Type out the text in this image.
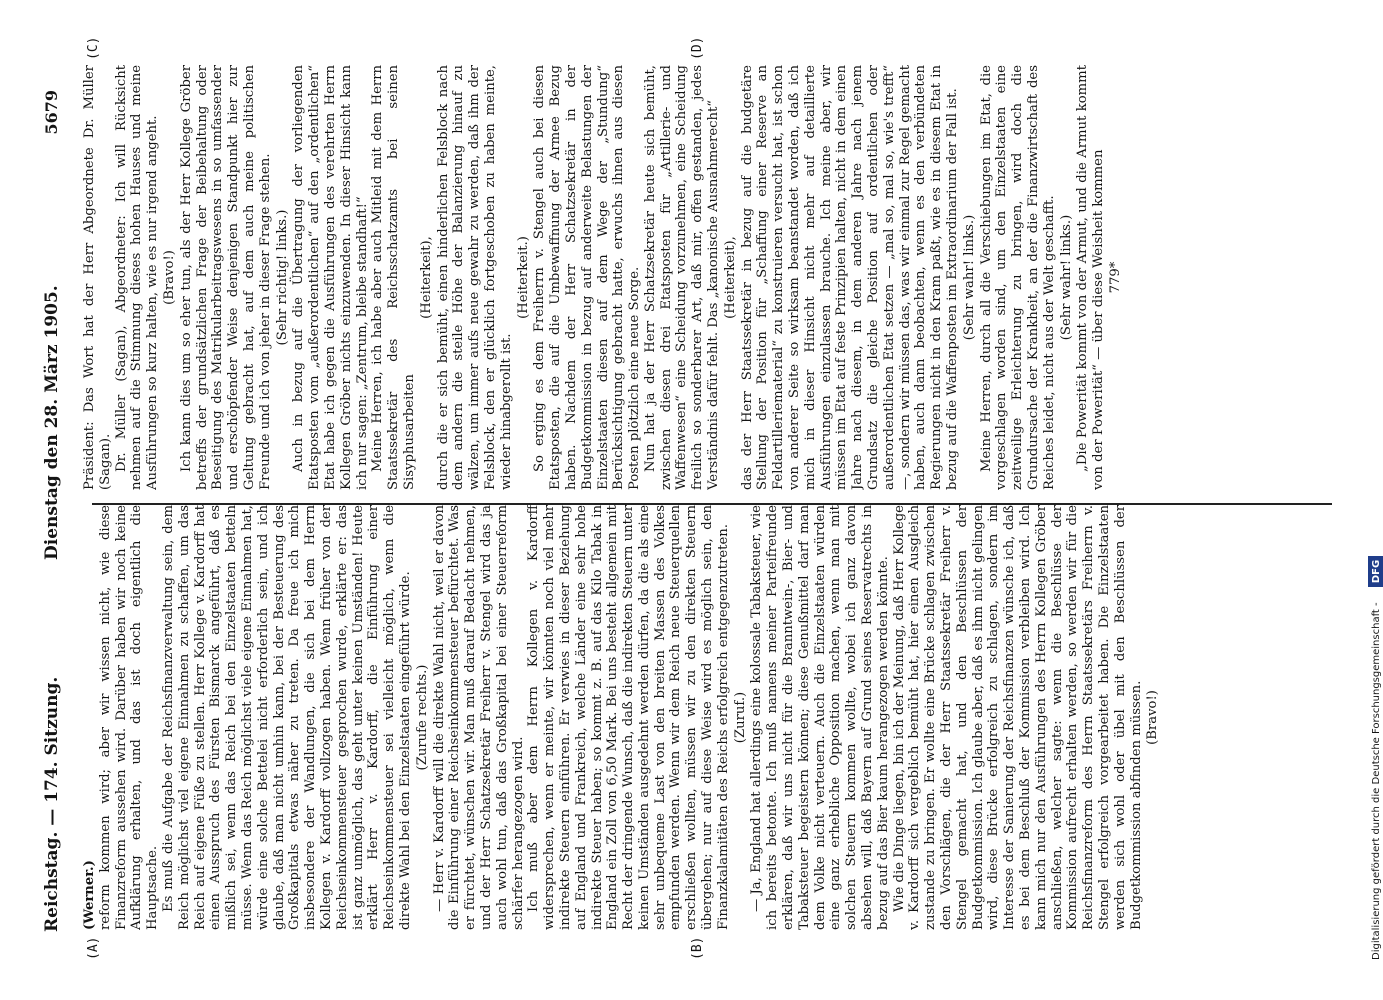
Reichstag. — 174. Sitzung.
Dienstag den 28. März 1905.
5679
(A)	(B)
(C)	(D)

(Werner.) reform kommen wird; aber wir wissen nicht, wie diese Finanzreform aussehen wird. Darüber haben wir noch keine Aufklärung erhalten, und das ist doch eigentlich die Hauptsache. Es muß die Aufgabe der Reichsfinanzverwaltung sein, dem Reich möglichst viel eigene Einnahmen zu schaffen, um das Reich auf eigene Füße zu stellen. Herr Kollege v. Kardorff hat einen Ausspruch des Fürsten Bismarck angeführt, daß es mißlich sei, wenn das Reich bei den Einzelstaaten betteln müsse. Wenn das Reich möglichst viele eigene Einnahmen hat, würde eine solche Bettelei nicht erforderlich sein, und ich glaube, daß man nicht umhin kann, bei der Besteuerung des Großkapitals etwas näher zu treten. Da freue ich mich insbesondere der Wandlungen, die sich bei dem Herrn Kollegen v. Kardorff vollzogen haben. Wenn früher von der Reichseinkommensteuer gesprochen wurde, erklärte er: das ist ganz unmöglich, das geht unter keinen Umständen! Heute erklärt Herr v. Kardorff, die Einführung einer Reichseinkommensteuer sei vielleicht möglich, wenn die direkte Wahl bei den Einzelstaaten eingeführt würde. (Zurufe rechts.) — Herr v. Kardorff will die direkte Wahl nicht, weil er davon die Einführung einer Reichseinkommensteuer befürchtet. Was er fürchtet, wünschen wir. Man muß darauf Bedacht nehmen, und der Herr Schatzsekretär Freiherr v. Stengel wird das ja auch wohl tun, daß das Großkapital bei einer Steuerreform schärfer herangezogen wird. Ich muß aber dem Herrn Kollegen v. Kardorff widersprechen, wenn er meinte, wir könnten noch viel mehr indirekte Steuern einführen. Er verwies in dieser Beziehung auf England und Frankreich, welche Länder eine sehr hohe indirekte Steuer haben; so kommt z. B. auf das Kilo Tabak in England ein Zoll von 6,50 Mark. Bei uns besteht allgemein mit Recht der dringende Wunsch, daß die indirekten Steuern unter keinen Umständen ausgedehnt werden dürfen, da die als eine sehr unbequeme Last von den breiten Massen des Volkes empfunden werden. Wenn wir dem Reich neue Steuerquellen erschließen wollten, müssen wir zu den direkten Steuern übergehen; nur auf diese Weise wird es möglich sein, den Finanzkalamitäten des Reichs erfolgreich entgegenzutreten. (Zuruf.) — Ja, England hat allerdings eine kolossale Tabaksteuer, wie ich bereits betonte. Ich muß namens meiner Parteifreunde erklären, daß wir uns nicht für die Branntwein-, Bier- und Tabaksteuer begeistern können; diese Genußmittel darf man dem Volke nicht verteuern. Auch die Einzelstaaten würden eine ganz erhebliche Opposition machen, wenn man mit solchen Steuern kommen wollte, wobei ich ganz davon absehen will, daß Bayern auf Grund seines Reservatrechts in bezug auf das Bier kaum herangezogen werden könnte. Wie die Dinge liegen, bin ich der Meinung, daß Herr Kollege v. Kardorff sich vergeblich bemüht hat, hier einen Ausgleich zustande zu bringen. Er wollte eine Brücke schlagen zwischen den Vorschlägen, die der Herr Staatssekretär Freiherr v. Stengel gemacht hat, und den Beschlüssen der Budgetkommission. Ich glaube aber, daß es ihm nicht gelingen wird, diese Brücke erfolgreich zu schlagen, sondern im Interesse der Sanierung der Reichsfinanzen wünsche ich, daß es bei dem Beschluß der Kommission verbleiben wird. Ich kann mich nur den Ausführungen des Herrn Kollegen Gröber anschließen, welcher sagte: wenn die Beschlüsse der Kommission aufrecht erhalten werden, so werden wir für die Reichsfinanzreform des Herrn Staatssekretärs Freiherrn v. Stengel erfolgreich vorgearbeitet haben. Die Einzelstaaten werden sich wohl oder übel mit den Beschlüssen der Budgetkommission abfinden müssen. (Bravo!)

Präsident: Das Wort hat der Herr Abgeordnete Dr. Müller (Sagan). Dr. Müller (Sagan), Abgeordneter: Ich will Rücksicht nehmen auf die Stimmung dieses hohen Hauses und meine Ausführungen so kurz halten, wie es nur irgend angeht. (Bravo!) Ich kann dies um so eher tun, als der Herr Kollege Gröber betreffs der grundsätzlichen Frage der Beibehaltung oder Beseitigung des Matrikularbeitragswesens in so umfassender und erschöpfender Weise denjenigen Standpunkt hier zur Geltung gebracht hat, auf dem auch meine politischen Freunde und ich von jeher in dieser Frage stehen. (Sehr richtig! links.) Auch in bezug auf die Übertragung der vorliegenden Etatsposten vom „außerordentlichen“ auf den „ordentlichen“ Etat habe ich gegen die Ausführungen des verehrten Herrn Kollegen Gröber nichts einzuwenden. In dieser Hinsicht kann ich nur sagen: „Zentrum, bleibe standhaft!“ Meine Herren, ich habe aber auch Mitleid mit dem Herrn Staatssekretär des Reichsschatzamts bei seinen Sisyphusarbeiten

(Heiterkeit), durch die er sich bemüht, einen hinderlichen Felsblock nach dem andern die steile Höhe der Balanzierung hinauf zu wälzen, um immer aufs neue gewahr zu werden, daß ihm der Felsblock, den er glücklich fortgeschoben zu haben meinte, wieder hinabgerollt ist.

(Heiterkeit.) So erging es dem Freiherrn v. Stengel auch bei diesen Etatsposten, die auf die Umbewaffnung der Armee Bezug haben. Nachdem der Herr Schatzsekretär in der Budgetkommission in bezug auf anderweite Belastungen der Einzelstaaten diesen auf dem Wege der „Stundung“ Berücksichtigung gebracht hatte, erwuchs ihnen aus diesen Posten plötzlich eine neue Sorge. Nun hat ja der Herr Schatzsekretär heute sich bemüht, zwischen diesen drei Etatsposten für „Artillerie- und Waffenwesen“ eine Scheidung vorzunehmen, eine Scheidung freilich so sonderbarer Art, daß mir, offen gestanden, jedes Verständnis dafür fehlt. Das „kanonische Ausnahmerecht“ (Heiterkeit), das der Herr Staatssekretär in bezug auf die budgetäre Stellung der Position für „Schaffung einer Reserve an Feldartilleriematerial“ zu konstruieren versucht hat, ist schon von anderer Seite so wirksam beanstandet worden, daß ich mich in dieser Hinsicht nicht mehr auf detaillierte Ausführungen einzulassen brauche. Ich meine aber, wir müssen im Etat auf feste Prinzipien halten, nicht in dem einen Jahre nach diesem, in dem anderen Jahre nach jenem Grundsatz die gleiche Position auf ordentlichen oder außerordentlichen Etat setzen — „mal so, mal so, wie's trefft“ —, sondern wir müssen das, was wir einmal zur Regel gemacht haben, auch dann beobachten, wenn es den verbündeten Regierungen nicht in den Kram paßt, wie es in diesem Etat in bezug auf die Waffenposten im Extraordinarium der Fall ist. (Sehr wahr! links.) Meine Herren, durch all die Verschiebungen im Etat, die vorgeschlagen worden sind, um den Einzelstaaten eine zeitweilige Erleichterung zu bringen, wird doch die Grundursache der Krankheit, an der die Finanzwirtschaft des Reiches leidet, nicht aus der Welt geschafft. (Sehr wahr! links.) „Die Powerität kommt von der Armut, und die Armut kommt von der Powerität“ — über diese Weisheit kommen 779*

Digitalisierung gefördert durch die Deutsche Forschungsgemeinschaft - DFG
